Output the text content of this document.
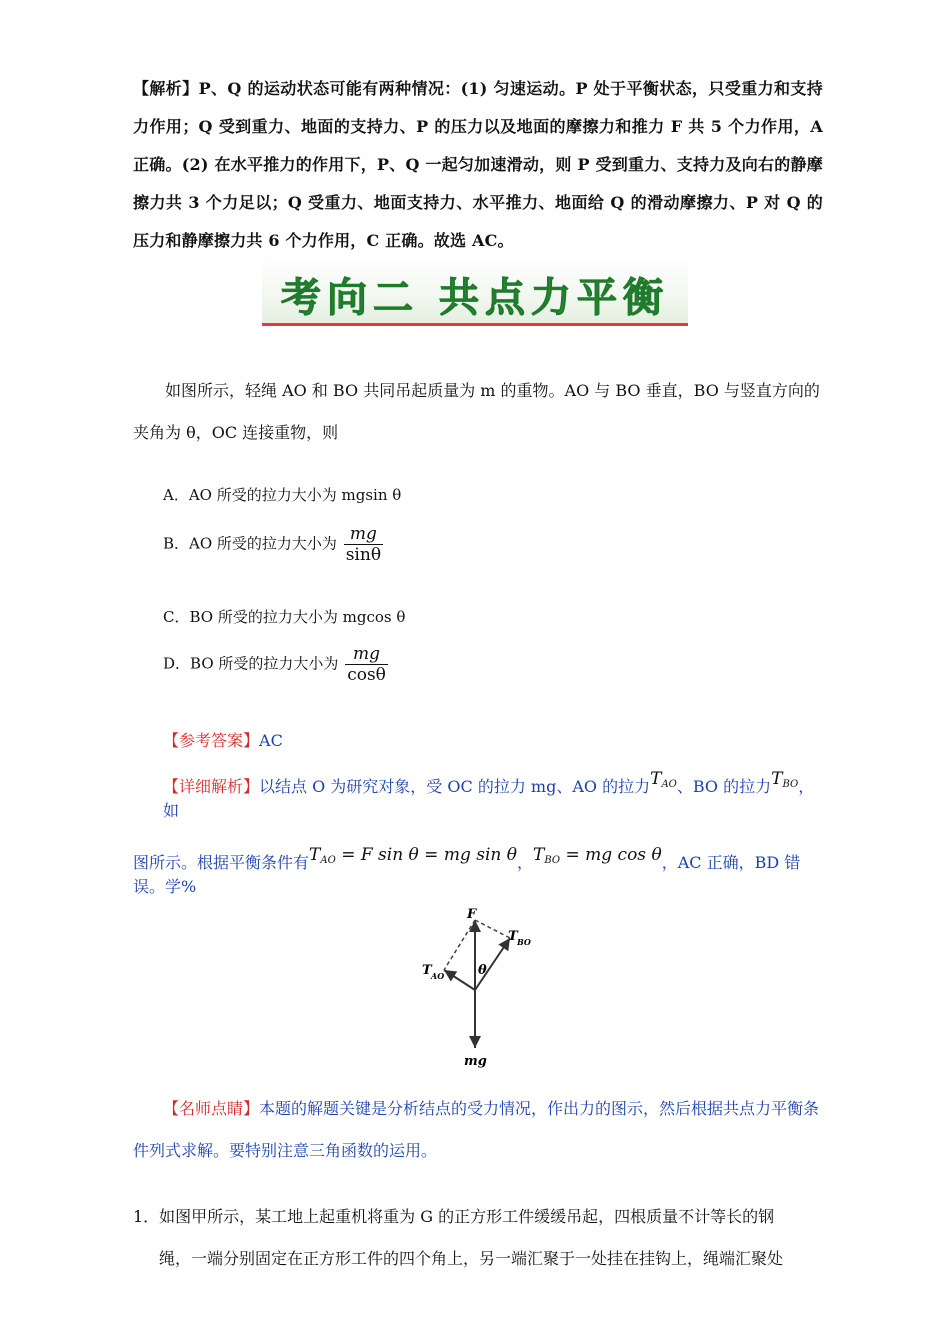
【解析】P、Q 的运动状态可能有两种情况：(1) 匀速运动。P 处于平衡状态，只受重力和支持力作用；Q 受到重力、地面的支持力、P 的压力以及地面的摩擦力和推力 F 共 5 个力作用，A 正确。(2) 在水平推力的作用下，P、Q 一起匀加速滑动，则 P 受到重力、支持力及向右的静摩擦力共 3 个力足以；Q 受重力、地面支持力、水平推力、地面给 Q 的滑动摩擦力、P 对 Q 的压力和静摩擦力共 6 个力作用，C 正确。故选 AC。
考向二 共点力平衡
如图所示，轻绳 AO 和 BO 共同吊起质量为 m 的重物。AO 与 BO 垂直，BO 与竖直方向的夹角为 θ，OC 连接重物，则
A．AO 所受的拉力大小为 mgsin θ
B．AO 所受的拉力大小为 $\frac{mg}{\sin\theta}$
C．BO 所受的拉力大小为 mgcos θ
D．BO 所受的拉力大小为 $\frac{mg}{\cos\theta}$
【参考答案】AC
【详细解析】以结点 O 为研究对象，受 OC 的拉力 mg、AO 的拉力$T_{AO}$、BO 的拉力$T_{BO}$，如
图所示。根据平衡条件有$T_{AO} = F$ sin θ = mg sin θ，$T_{BO}$ = mg cos θ，AC 正确，BD 错误。学%
F
T BO
T AO	θ
mg
【名师点睛】本题的解题关键是分析结点的受力情况，作出力的图示，然后根据共点力平衡条件列式求解。要特别注意三角函数的运用。
1．如图甲所示，某工地上起重机将重为 G 的正方形工件缓缓吊起，四根质量不计等长的钢
绳，一端分别固定在正方形工件的四个角上，另一端汇聚于一处挂在挂钩上，绳端汇聚处
